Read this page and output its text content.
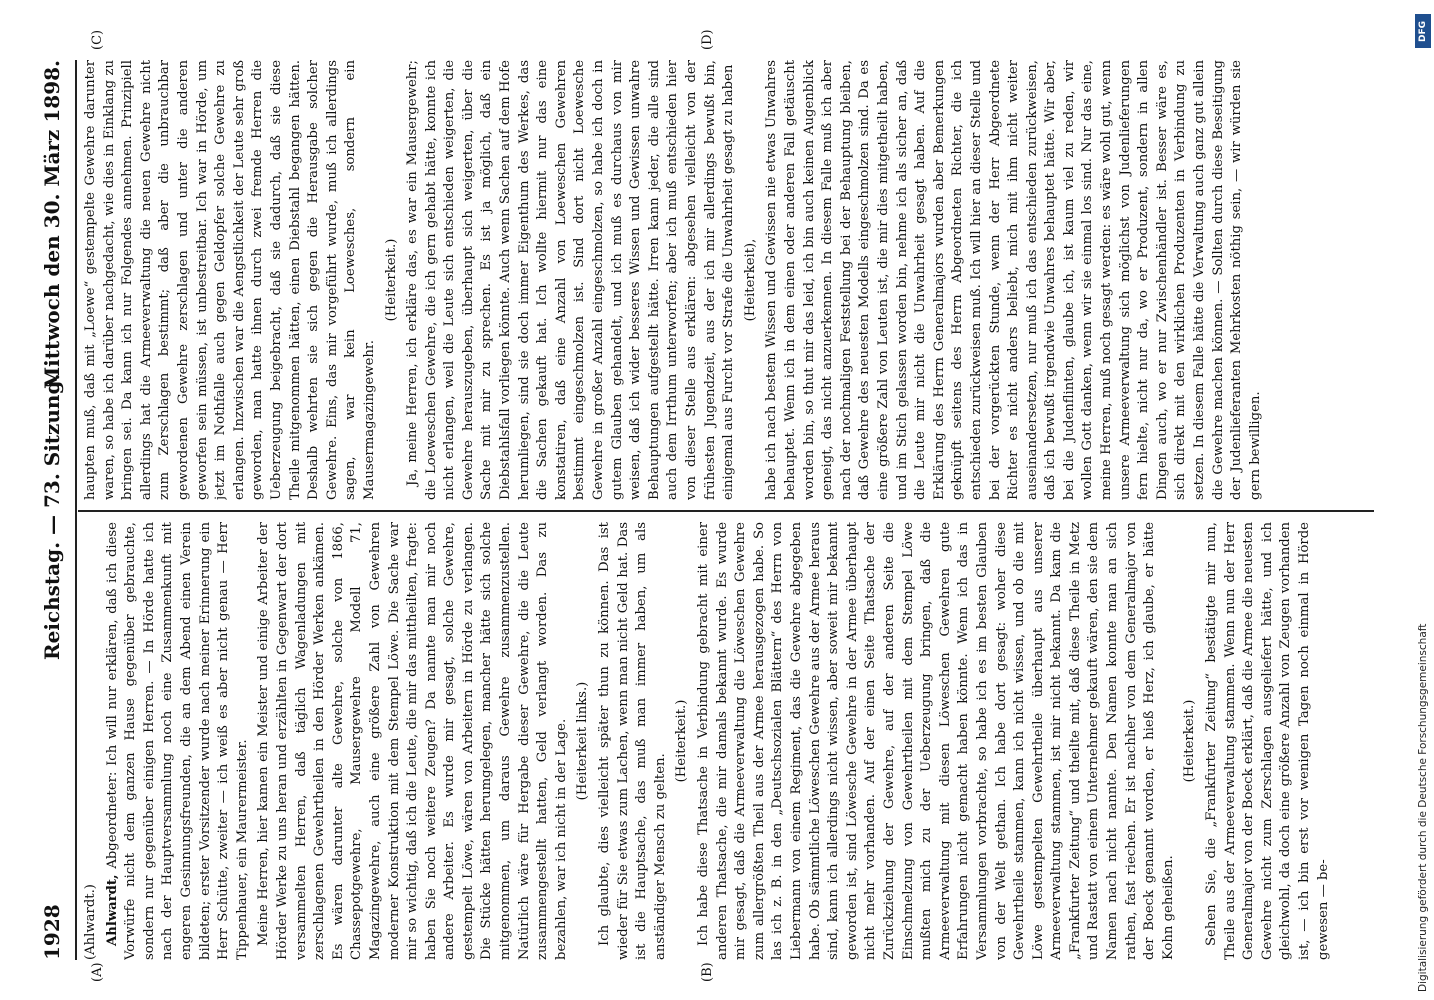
1928
Reichstag. — 73. Sitzung.
Mittwoch den 30. März 1898.
(A)	(B)
(C)	(D)

(Ahlwardt.) Ahlwardt, Abgeordneter: Ich will nur erklären, daß ich diese Vorwürfe nicht dem ganzen Hause gegenüber gebrauchte, sondern nur gegenüber einigen Herren. — In Hörde hatte ich nach der Hauptversammlung noch eine Zusammenkunft mit engeren Gesinnungsfreunden, die an dem Abend einen Verein bildeten; erster Vorsitzender wurde nach meiner Erinnerung ein Herr Schütte, zweiter — ich weiß es aber nicht genau — Herr Tippenhauer, ein Maurermeister. Meine Herren, hier kamen ein Meister und einige Arbeiter der Hörder Werke zu uns heran und erzählten in Gegenwart der dort versammelten Herren, daß täglich Wagenladungen mit zerschlagenen Gewehrtheilen in den Hörder Werken ankämen. Es wären darunter alte Gewehre, solche von 1866, Chassepotgewehre, Mausergewehre Modell 71, Magazingewehre, auch eine größere Zahl von Gewehren moderner Konstruktion mit dem Stempel Löwe. Die Sache war mir so wichtig, daß ich die Leute, die mir das mittheilten, fragte: haben Sie noch weitere Zeugen? Da nannte man mir noch andere Arbeiter. Es wurde mir gesagt, solche Gewehre, gestempelt Löwe, wären von Arbeitern in Hörde zu verlangen. Die Stücke hätten herumgelegen, mancher hätte sich solche mitgenommen, um daraus Gewehre zusammenzustellen. Natürlich wäre für Hergabe dieser Gewehre, die die Leute zusammengestellt hatten, Geld verlangt worden. Das zu bezahlen, war ich nicht in der Lage. (Heiterkeit links.) Ich glaubte, dies vielleicht später thun zu können. Das ist wieder für Sie etwas zum Lachen, wenn man nicht Geld hat. Das ist die Hauptsache, das muß man immer haben, um als anständiger Mensch zu gelten.

(Heiterkeit.) Ich habe diese Thatsache in Verbindung gebracht mit einer anderen Thatsache, die mir damals bekannt wurde. Es wurde mir gesagt, daß die Armeeverwaltung die Löweschen Gewehre zum allergrößten Theil aus der Armee herausgezogen habe. So las ich z. B. in den „Deutschsozialen Blättern“ des Herrn von Liebermann von einem Regiment, das die Gewehre abgegeben habe. Ob sämmtliche Löweschen Gewehre aus der Armee heraus sind, kann ich allerdings nicht wissen, aber soweit mir bekannt geworden ist, sind Löwesche Gewehre in der Armee überhaupt nicht mehr vorhanden. Auf der einen Seite Thatsache der Zurückziehung der Gewehre, auf der anderen Seite die Einschmelzung von Gewehrtheilen mit dem Stempel Löwe mußten mich zu der Ueberzeugung bringen, daß die Armeeverwaltung mit diesen Löweschen Gewehren gute Erfahrungen nicht gemacht haben könnte. Wenn ich das in Versammlungen vorbrachte, so habe ich es im besten Glauben von der Welt gethan. Ich habe dort gesagt: woher diese Gewehrtheile stammen, kann ich nicht wissen, und ob die mit Löwe gestempelten Gewehrtheile überhaupt aus unserer Armeeverwaltung stammen, ist mir nicht bekannt. Da kam die „Frankfurter Zeitung“ und theilte mit, daß diese Theile in Metz und Rastatt von einem Unternehmer gekauft wären, den sie dem Namen nach nicht nannte. Den Namen konnte man an sich rathen, fast riechen. Er ist nachher von dem Generalmajor von der Boeck genannt worden, er hieß Herz, ich glaube, er hätte Kohn geheißen.

(Heiterkeit.) Sehen Sie, die „Frankfurter Zeitung“ bestätigte mir nun, Theile aus der Armeeverwaltung stammen. Wenn nun der Herr Generalmajor von der Boeck erklärt, daß die Armee die neuesten Gewehre nicht zum Zerschlagen ausgeliefert hätte, und ich gleichwohl, da doch eine größere Anzahl von Zeugen vorhanden ist, — ich bin erst vor wenigen Tagen noch einmal in Hörde gewesen — be-

haupten muß, daß mit „Loewe“ gestempelte Gewehre darunter waren, so habe ich darüber nachgedacht, wie dies in Einklang zu bringen sei. Da kann ich nur Folgendes annehmen. Prinzipiell allerdings hat die Armeeverwaltung die neuen Gewehre nicht zum Zerschlagen bestimmt; daß aber die unbrauchbar gewordenen Gewehre zerschlagen und unter die anderen geworfen sein müssen, ist unbestreitbar. Ich war in Hörde, um jetzt im Nothfalle auch gegen Geldopfer solche Gewehre zu erlangen. Inzwischen war die Aengstlichkeit der Leute sehr groß geworden, man hatte ihnen durch zwei fremde Herren die Ueberzeugung beigebracht, daß sie dadurch, daß sie diese Theile mitgenommen hätten, einen Diebstahl begangen hätten. Deshalb wehrten sie sich gegen die Herausgabe solcher Gewehre. Eins, das mir vorgeführt wurde, muß ich allerdings sagen, war kein Loewesches, sondern ein Mausermagazingewehr.

(Heiterkeit.) Ja, meine Herren, ich erkläre das, es war ein Mausergewehr; die Loeweschen Gewehre, die ich gern gehabt hätte, konnte ich nicht erlangen, weil die Leute sich entschieden weigerten, die Gewehre herauszugeben, überhaupt sich weigerten, über die Sache mit mir zu sprechen. Es ist ja möglich, daß ein Diebstahlsfall vorliegen könnte. Auch wenn Sachen auf dem Hofe herumliegen, sind sie doch immer Eigenthum des Werkes, das die Sachen gekauft hat. Ich wollte hiermit nur das eine konstatiren, daß eine Anzahl von Loeweschen Gewehren bestimmt eingeschmolzen ist. Sind dort nicht Loewesche Gewehre in großer Anzahl eingeschmolzen, so habe ich doch in gutem Glauben gehandelt, und ich muß es durchaus von mir weisen, daß ich wider besseres Wissen und Gewissen unwahre Behauptungen aufgestellt hätte. Irren kann jeder, die alle sind auch dem Irrthum unterworfen; aber ich muß entschieden hier von dieser Stelle aus erklären: abgesehen vielleicht von der frühesten Jugendzeit, aus der ich mir allerdings bewußt bin, einigemal aus Furcht vor Strafe die Unwahrheit gesagt zu haben (Heiterkeit), habe ich nach bestem Wissen und Gewissen nie etwas Unwahres behauptet. Wenn ich in dem einen oder anderen Fall getäuscht worden bin, so thut mir das leid, ich bin auch keinen Augenblick geneigt, das nicht anzuerkennen. In diesem Falle muß ich aber nach der nochmaligen Feststellung bei der Behauptung bleiben, daß Gewehre des neuesten Modells eingeschmolzen sind. Da es eine größere Zahl von Leuten ist, die mir dies mitgetheilt haben, und im Stich gelassen worden bin, nehme ich als sicher an, daß die Leute mir nicht die Unwahrheit gesagt haben. Auf die Erklärung des Herrn Generalmajors wurden aber Bemerkungen geknüpft seitens des Herrn Abgeordneten Richter, die ich entschieden zurückweisen muß. Ich will hier an dieser Stelle und bei der vorgerückten Stunde, wenn der Herr Abgeordnete Richter es nicht anders beliebt, mich mit ihm nicht weiter auseinandersetzen, nur muß ich das entschieden zurückweisen, daß ich bewußt irgendwie Unwahres behauptet hätte. Wir aber, bei die Judenflinten, glaube ich, ist kaum viel zu reden, wir wollen Gott danken, wenn wir sie einmal los sind. Nur das eine, meine Herren, muß noch gesagt werden: es wäre wohl gut, wenn unsere Armeeverwaltung sich möglichst von Judenlieferungen fern hielte, nicht nur da, wo er Produzent, sondern in allen Dingen auch, wo er nur Zwischenhändler ist. Besser wäre es, sich direkt mit den wirklichen Produzenten in Verbindung zu setzen. In diesem Falle hätte die Verwaltung auch ganz gut allein die Gewehre machen können. — Sollten durch diese Beseitigung der Judenlieferanten Mehrkosten nöthig sein, — wir würden sie gern bewilligen.

Digitalisierung gefördert durch die Deutsche Forschungsgemeinschaft
DFG
